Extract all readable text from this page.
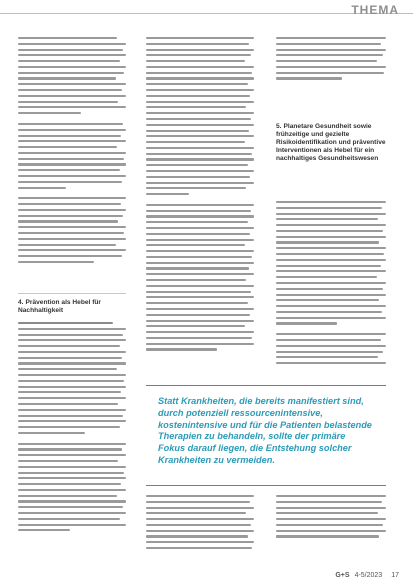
THEMA
4. Prävention als Hebel für Nachhaltigkeit
5. Planetare Gesundheit sowie frühzeitige und gezielte Risikoidentifikation und präventive Interventionen als Hebel für ein nachhaltiges Gesundheitswesen

Statt Krankheiten, die bereits manifestiert sind, durch potenziell ressourcenintensive, kostenintensive und für die Patienten belastende Therapien zu behandeln, sollte der primäre Fokus darauf liegen, die Entstehung solcher Krankheiten zu vermeiden.

G+S 4-5/2023 17
